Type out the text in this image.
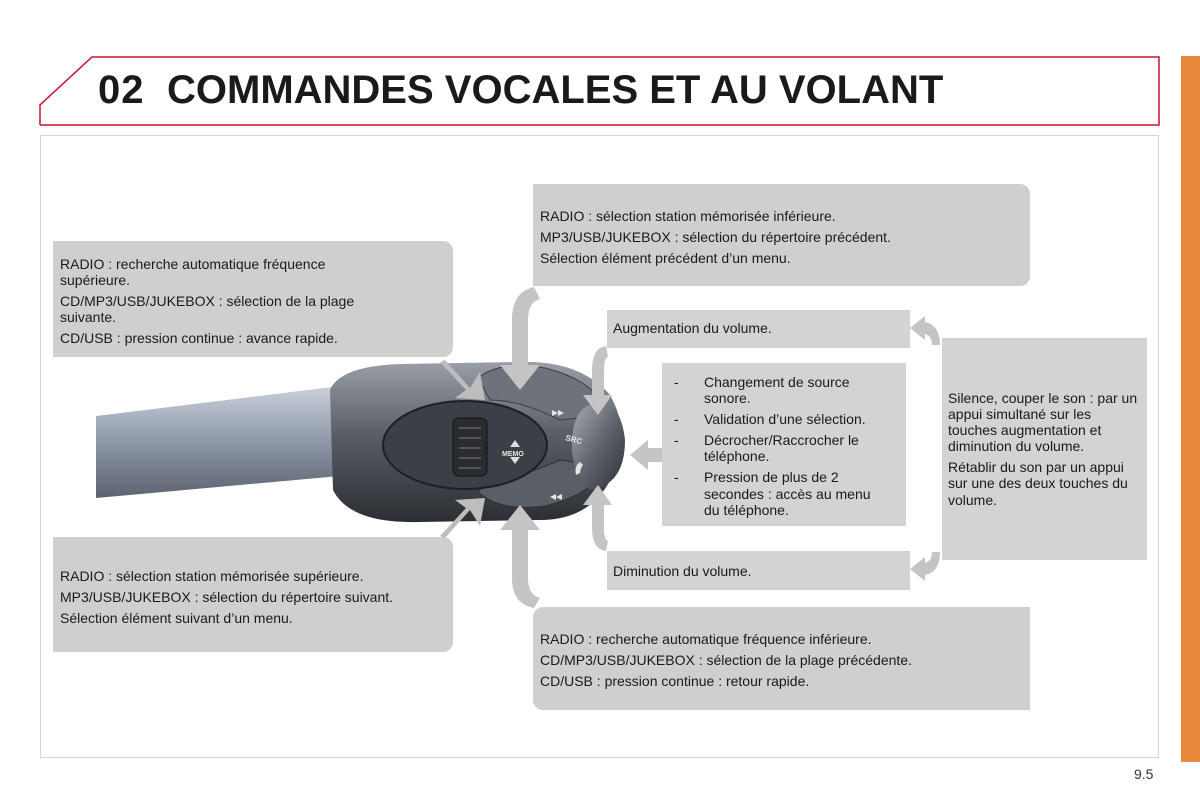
02 COMMANDES VOCALES ET AU VOLANT

RADIO : recherche automatique fréquence supérieure.

CD/MP3/USB/JUKEBOX : sélection de la plage suivante.

CD/USB : pression continue : avance rapide.

RADIO : sélection station mémorisée inférieure.

MP3/USB/JUKEBOX : sélection du répertoire précédent.

Sélection élément précédent d’un menu.

RADIO : sélection station mémorisée supérieure.

MP3/USB/JUKEBOX : sélection du répertoire suivant.

Sélection élément suivant d’un menu.

RADIO : recherche automatique fréquence inférieure.

CD/MP3/USB/JUKEBOX : sélection de la plage précédente.

CD/USB : pression continue : retour rapide.

Augmentation du volume.
Diminution du volume.
- Changement de source sonore.
- Validation d’une sélection.
- Décrocher/Raccrocher le téléphone.
- Pression de plus de 2 secondes : accès au menu du téléphone.

Silence, couper le son : par un appui simultané sur les touches augmentation et diminution du volume.

Rétablir du son par un appui sur une des deux touches du volume.

MEMO
SRC
9.5
